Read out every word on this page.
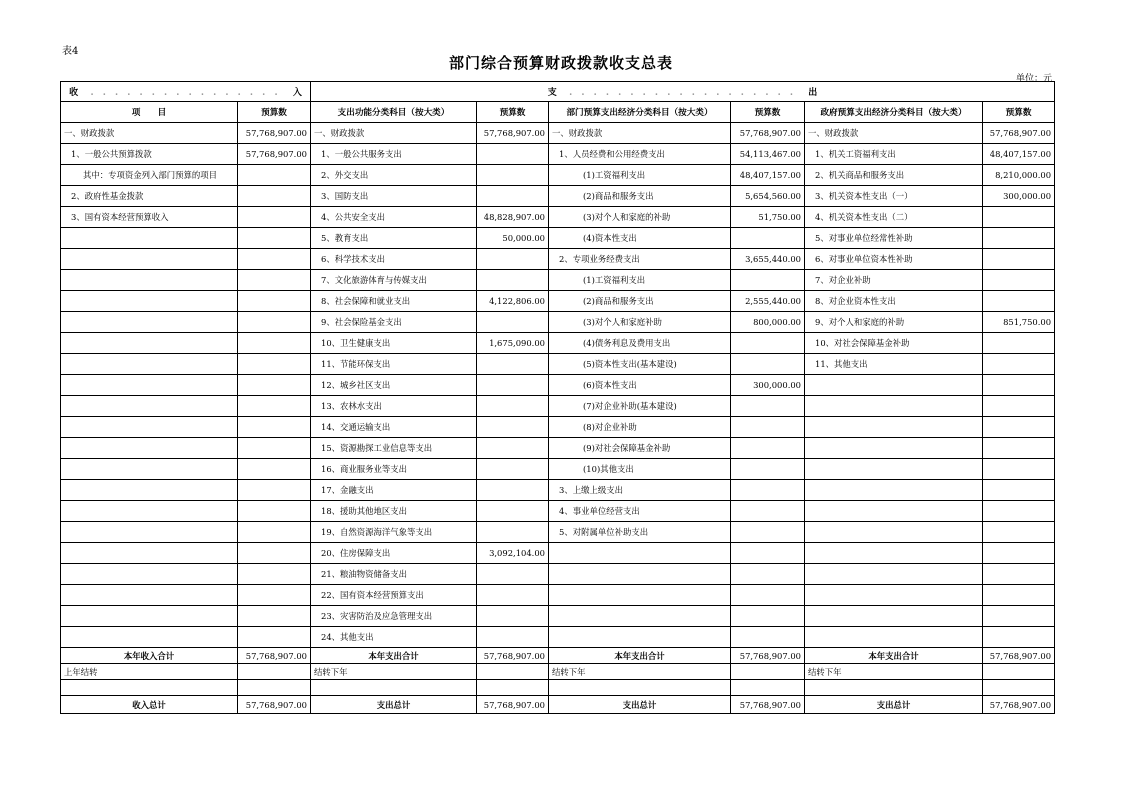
表4
部门综合预算财政拨款收支总表
单位：元
收  . . . . . . . . . . . . . . . .  入		支  . . . . . . . . . . . . . . . . . . .  出					
项　　目	预算数	支出功能分类科目（按大类）	预算数	部门预算支出经济分类科目（按大类）	预算数	政府预算支出经济分类科目（按大类）	预算数
一、财政拨款	57,768,907.00	一、财政拨款	57,768,907.00	一、财政拨款	57,768,907.00	一、财政拨款	57,768,907.00
1、一般公共预算拨款	57,768,907.00	1、一般公共服务支出		1、人员经费和公用经费支出	54,113,467.00	1、机关工资福利支出	48,407,157.00
其中：专项资金列入部门预算的项目		2、外交支出		(1)工资福利支出	48,407,157.00	2、机关商品和服务支出	8,210,000.00
2、政府性基金拨款		3、国防支出		(2)商品和服务支出	5,654,560.00	3、机关资本性支出（一）	300,000.00
3、国有资本经营预算收入		4、公共安全支出	48,828,907.00	(3)对个人和家庭的补助	51,750.00	4、机关资本性支出（二）	
		5、教育支出	50,000.00	(4)资本性支出		5、对事业单位经常性补助	
		6、科学技术支出		2、专项业务经费支出	3,655,440.00	6、对事业单位资本性补助	
		7、文化旅游体育与传媒支出		(1)工资福利支出		7、对企业补助	
		8、社会保障和就业支出	4,122,806.00	(2)商品和服务支出	2,555,440.00	8、对企业资本性支出	
		9、社会保险基金支出		(3)对个人和家庭补助	800,000.00	9、对个人和家庭的补助	851,750.00
		10、卫生健康支出	1,675,090.00	(4)债务利息及费用支出		10、对社会保障基金补助	
		11、节能环保支出		(5)资本性支出(基本建设)		11、其他支出	
		12、城乡社区支出		(6)资本性支出	300,000.00		
		13、农林水支出		(7)对企业补助(基本建设)			
		14、交通运输支出		(8)对企业补助			
		15、资源勘探工业信息等支出		(9)对社会保障基金补助			
		16、商业服务业等支出		(10)其他支出			
		17、金融支出		3、上缴上级支出			
		18、援助其他地区支出		4、事业单位经营支出			
		19、自然资源海洋气象等支出		5、对附属单位补助支出			
		20、住房保障支出	3,092,104.00				
		21、粮油物资储备支出					
		22、国有资本经营预算支出					
		23、灾害防治及应急管理支出					
		24、其他支出					
本年收入合计	57,768,907.00	本年支出合计	57,768,907.00	本年支出合计	57,768,907.00	本年支出合计	57,768,907.00
上年结转		结转下年		结转下年		结转下年	

收入总计	57,768,907.00	支出总计	57,768,907.00	支出总计	57,768,907.00	支出总计	57,768,907.00
